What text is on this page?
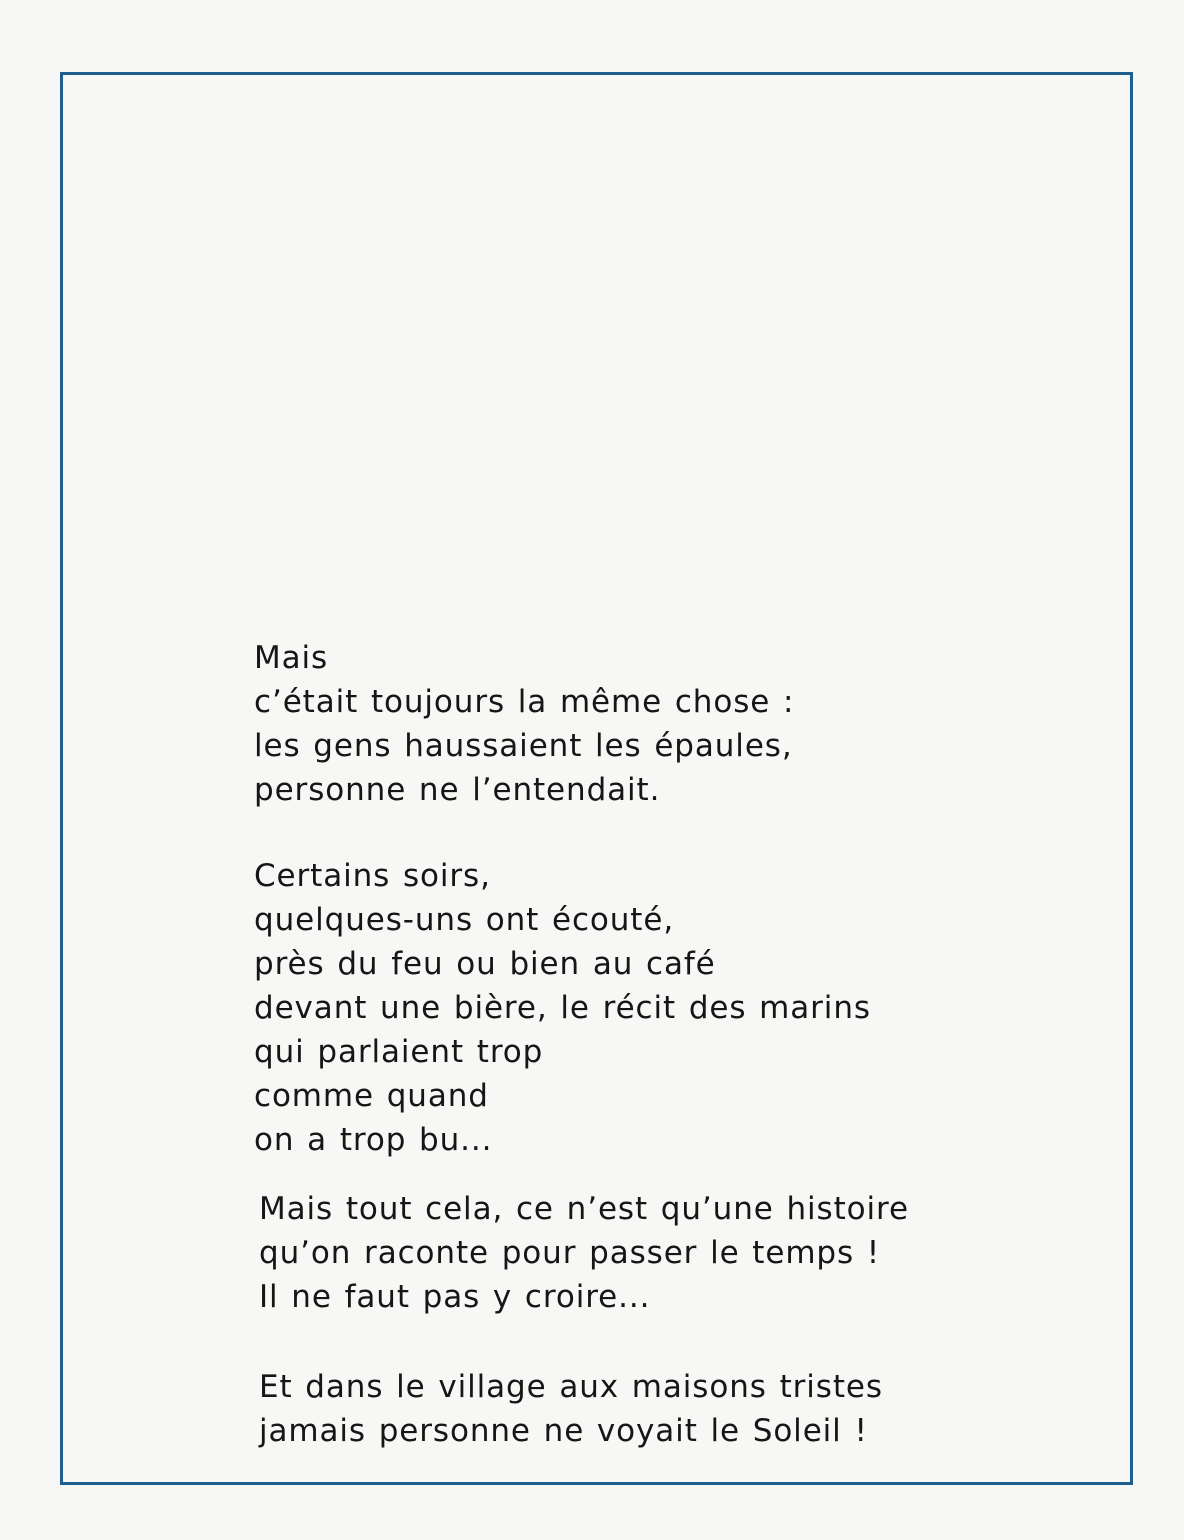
Mais
c’était toujours la même chose :
les gens haussaient les épaules,
personne ne l’entendait.
Certains soirs,
quelques-uns ont écouté,
près du feu ou bien au café
devant une bière, le récit des marins
qui parlaient trop
comme quand
on a trop bu...
Mais tout cela, ce n’est qu’une histoire
qu’on raconte pour passer le temps !
Il ne faut pas y croire...
Et dans le village aux maisons tristes
jamais personne ne voyait le Soleil !
